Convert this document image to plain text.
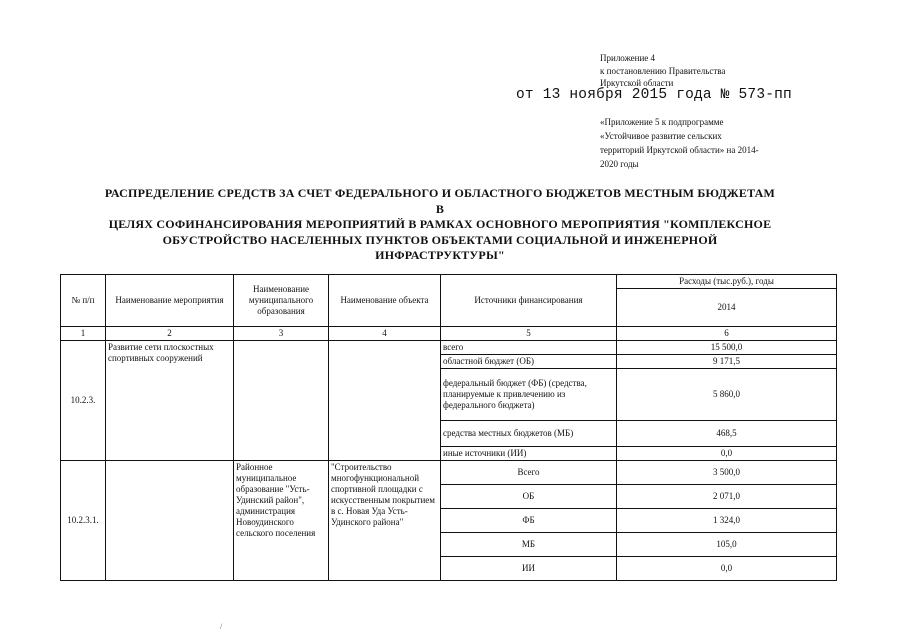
Приложение 4
к постановлению Правительства
Иркутской области
от 13 ноября 2015 года № 573-пп
«Приложение 5 к подпрограмме
«Устойчивое развитие сельских
территорий Иркутской области» на 2014-
2020 годы
РАСПРЕДЕЛЕНИЕ СРЕДСТВ ЗА СЧЕТ ФЕДЕРАЛЬНОГО И ОБЛАСТНОГО БЮДЖЕТОВ МЕСТНЫМ БЮДЖЕТАМ В
ЦЕЛЯХ СОФИНАНСИРОВАНИЯ МЕРОПРИЯТИЙ В РАМКАХ ОСНОВНОГО МЕРОПРИЯТИЯ "КОМПЛЕКСНОЕ
ОБУСТРОЙСТВО НАСЕЛЕННЫХ ПУНКТОВ ОБЪЕКТАМИ СОЦИАЛЬНОЙ И ИНЖЕНЕРНОЙ
ИНФРАСТРУКТУРЫ"
№ п/п	Наименование мероприятия	Наименование муниципального образования	Наименование объекта	Источники финансирования	Расходы (тыс.руб.), годы
					2014
1	2	3	4	5	6
10.2.3.	Развитие сети плоскостных спортивных сооружений			всего	15 500,0
				областной бюджет (ОБ)	9 171,5
				федеральный бюджет (ФБ) (средства, планируемые к привлечению из федерального бюджета)	5 860,0
				средства местных бюджетов (МБ)	468,5
				иные источники (ИИ)	0,0
10.2.3.1.		Районное муниципальное образование "Усть-Удинский район", администрация Новоудинского сельского поселения	"Строительство многофункциональной спортивной площадки с искусственным покрытием в с. Новая Уда Усть-Удинского района"	Всего	3 500,0
				ОБ	2 071,0
				ФБ	1 324,0
				МБ	105,0
				ИИ	0,0
/
